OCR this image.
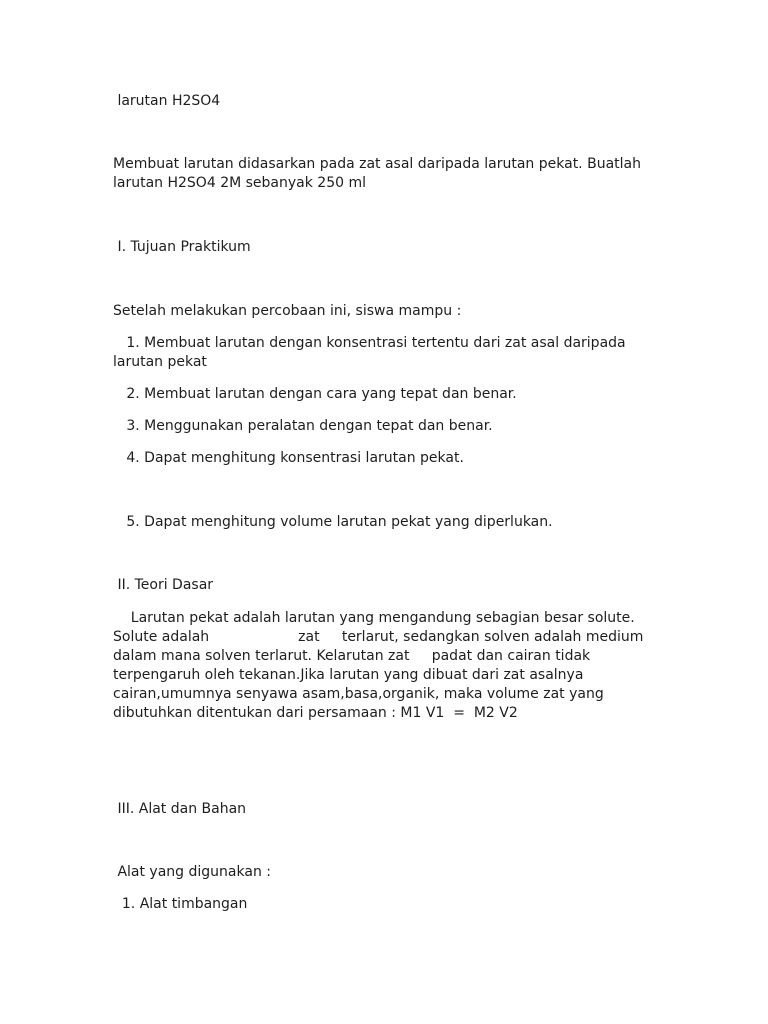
larutan H2SO4

Membuat larutan didasarkan pada zat asal daripada larutan pekat. Buatlah

larutan H2SO4 2M sebanyak 250 ml

I. Tujuan Praktikum

Setelah melakukan percobaan ini, siswa mampu :

1. Membuat larutan dengan konsentrasi tertentu dari zat asal daripada

larutan pekat

2. Membuat larutan dengan cara yang tepat dan benar.

3. Menggunakan peralatan dengan tepat dan benar.

4. Dapat menghitung konsentrasi larutan pekat.

5. Dapat menghitung volume larutan pekat yang diperlukan.

II. Teori Dasar

Larutan pekat adalah larutan yang mengandung sebagian besar solute.

Solute adalah                    zat     terlarut, sedangkan solven adalah medium

dalam mana solven terlarut. Kelarutan zat     padat dan cairan tidak

terpengaruh oleh tekanan.Jika larutan yang dibuat dari zat asalnya

cairan,umumnya senyawa asam,basa,organik, maka volume zat yang

dibutuhkan ditentukan dari persamaan : M1 V1  =  M2 V2

III. Alat dan Bahan

Alat yang digunakan :

1. Alat timbangan
